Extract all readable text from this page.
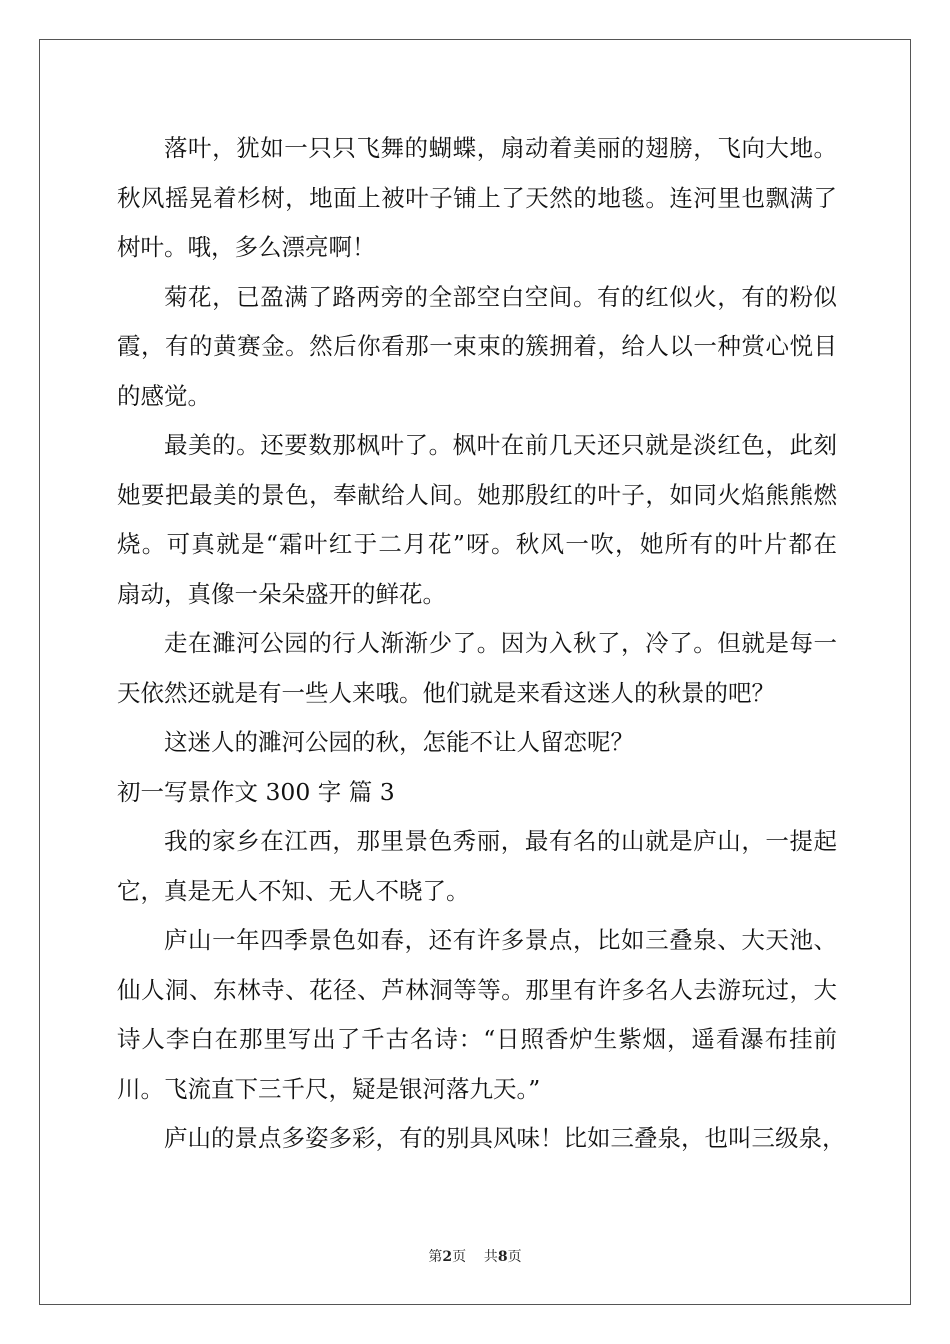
落叶，犹如一只只飞舞的蝴蝶，扇动着美丽的翅膀，飞向大地。
秋风摇晃着杉树，地面上被叶子铺上了天然的地毯。连河里也飘满了
树叶。哦，多么漂亮啊！
菊花，已盈满了路两旁的全部空白空间。有的红似火，有的粉似
霞，有的黄赛金。然后你看那一束束的簇拥着，给人以一种赏心悦目
的感觉。
最美的。还要数那枫叶了。枫叶在前几天还只就是淡红色，此刻
她要把最美的景色，奉献给人间。她那殷红的叶子，如同火焰熊熊燃
烧。可真就是“霜叶红于二月花”呀。秋风一吹，她所有的叶片都在
扇动，真像一朵朵盛开的鲜花。
走在濉河公园的行人渐渐少了。因为入秋了，冷了。但就是每一
天依然还就是有一些人来哦。他们就是来看这迷人的秋景的吧？
这迷人的濉河公园的秋，怎能不让人留恋呢？
初一写景作文 300 字 篇 3
我的家乡在江西，那里景色秀丽，最有名的山就是庐山，一提起
它，真是无人不知、无人不晓了。
庐山一年四季景色如春，还有许多景点，比如三叠泉、大天池、
仙人洞、东林寺、花径、芦林洞等等。那里有许多名人去游玩过，大
诗人李白在那里写出了千古名诗：“日照香炉生紫烟，遥看瀑布挂前
川。飞流直下三千尺，疑是银河落九天。”
庐山的景点多姿多彩，有的别具风味！比如三叠泉，也叫三级泉，
第2页    共8页
